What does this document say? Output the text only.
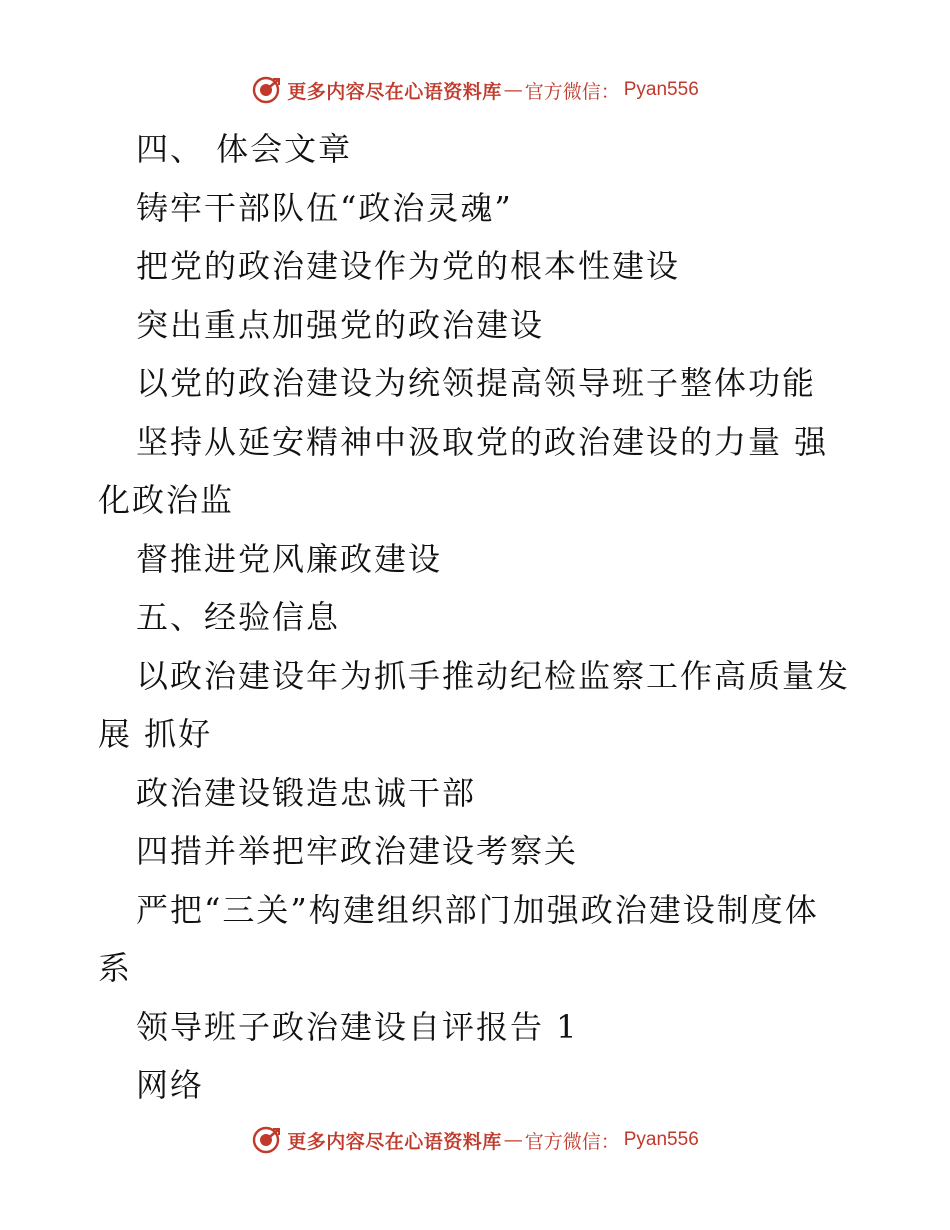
更多内容尽在心语资料库 — 官方微信： Pyan556
四、 体会文章
铸牢干部队伍“政治灵魂”
把党的政治建设作为党的根本性建设
突出重点加强党的政治建设
以党的政治建设为统领提高领导班子整体功能
坚持从延安精神中汲取党的政治建设的力量 强
化政治监
督推进党风廉政建设
五、经验信息
以政治建设年为抓手推动纪检监察工作高质量发
展 抓好
政治建设锻造忠诚干部
四措并举把牢政治建设考察关
严把“三关”构建组织部门加强政治建设制度体
系
领导班子政治建设自评报告 1
网络
更多内容尽在心语资料库 — 官方微信： Pyan556
